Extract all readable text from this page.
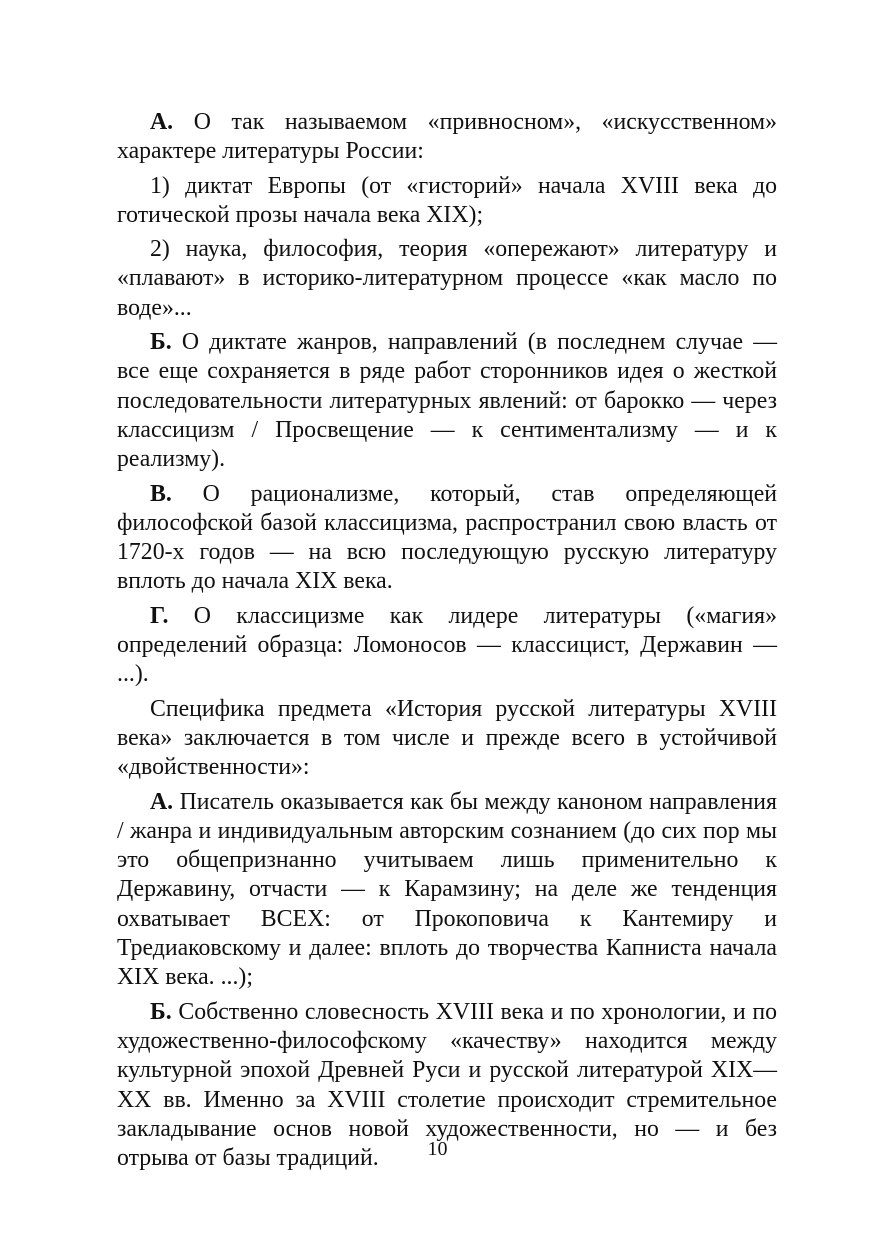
А. О так называемом «привносном», «искусственном» характере литературы России:

1) диктат Европы (от «гисторий» начала XVIII века до готической прозы начала века XIX);

2) наука, философия, теория «опережают» литературу и «плавают» в историко-литературном процессе «как масло по воде»...

Б. О диктате жанров, направлений (в последнем случае — все еще сохраняется в ряде работ сторонников идея о жесткой последовательности литературных явлений: от барокко — через классицизм / Просвещение — к сентиментализму — и к реализму).

В. О рационализме, который, став определяющей философской базой классицизма, распространил свою власть от 1720-х годов — на всю последующую русскую литературу вплоть до начала XIX века.

Г. О классицизме как лидере литературы («магия» определений образца: Ломоносов — классицист, Державин — ...).

Специфика предмета «История русской литературы XVIII века» заключается в том числе и прежде всего в устойчивой «двойственности»:

А. Писатель оказывается как бы между каноном направления / жанра и индивидуальным авторским сознанием (до сих пор мы это общепризнанно учитываем лишь применительно к Державину, отчасти — к Карамзину; на деле же тенденция охватывает ВСЕХ: от Прокоповича к Кантемиру и Тредиаковскому и далее: вплоть до творчества Капниста начала XIX века. ...);

Б. Собственно словесность XVIII века и по хронологии, и по художественно-философскому «качеству» находится между культурной эпохой Древней Руси и русской литературой XIX—XX вв. Именно за XVIII столетие происходит стремительное закладывание основ новой художественности, но — и без отрыва от базы традиций.	10
